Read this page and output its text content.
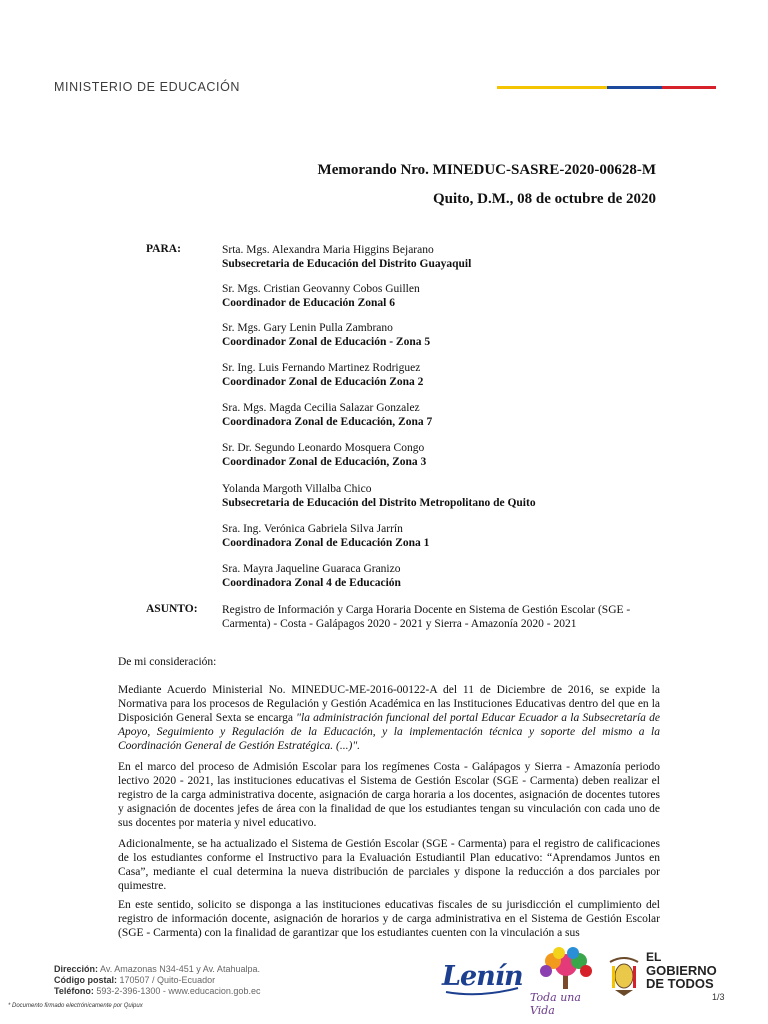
MINISTERIO DE EDUCACIÓN
Memorando Nro. MINEDUC-SASRE-2020-00628-M
Quito, D.M., 08 de octubre de 2020
PARA:	Srta. Mgs. Alexandra Maria Higgins Bejarano
Subsecretaria de Educación del Distrito Guayaquil
Sr. Mgs. Cristian Geovanny Cobos Guillen
Coordinador de Educación Zonal 6
Sr. Mgs. Gary Lenin Pulla Zambrano
Coordinador Zonal de Educación - Zona 5
Sr. Ing. Luis Fernando Martinez Rodriguez
Coordinador Zonal de Educación Zona 2
Sra. Mgs. Magda Cecilia Salazar Gonzalez
Coordinadora Zonal de Educación, Zona 7
Sr. Dr. Segundo Leonardo Mosquera Congo
Coordinador Zonal de Educación, Zona 3
Yolanda Margoth Villalba Chico
Subsecretaria de Educación del Distrito Metropolitano de Quito
Sra. Ing. Verónica Gabriela Silva Jarrín
Coordinadora Zonal de Educación Zona 1
Sra. Mayra Jaqueline Guaraca Granizo
Coordinadora Zonal 4 de Educación
ASUNTO: Registro de Información y Carga Horaria Docente en Sistema de Gestión Escolar (SGE - Carmenta) - Costa - Galápagos 2020 - 2021 y Sierra - Amazonía 2020 - 2021
De mi consideración:
Mediante Acuerdo Ministerial No. MINEDUC-ME-2016-00122-A del 11 de Diciembre de 2016, se expide la Normativa para los procesos de Regulación y Gestión Académica en las Instituciones Educativas dentro del que en la Disposición General Sexta se encarga "la administración funcional del portal Educar Ecuador a la Subsecretaría de Apoyo, Seguimiento y Regulación de la Educación, y la implementación técnica y soporte del mismo a la Coordinación General de Gestión Estratégica. (...)".
En el marco del proceso de Admisión Escolar para los regímenes Costa - Galápagos y Sierra - Amazonía periodo lectivo 2020 - 2021, las instituciones educativas el Sistema de Gestión Escolar (SGE - Carmenta) deben realizar el registro de la carga administrativa docente, asignación de carga horaria a los docentes, asignación de docentes tutores y asignación de docentes jefes de área con la finalidad de que los estudiantes tengan su vinculación con cada uno de sus docentes por materia y nivel educativo.
Adicionalmente, se ha actualizado el Sistema de Gestión Escolar (SGE - Carmenta) para el registro de calificaciones de los estudiantes conforme el Instructivo para la Evaluación Estudiantil Plan educativo: “Aprendamos Juntos en Casa”, mediante el cual determina la nueva distribución de parciales y dispone la reducción a dos parciales por quimestre.
En este sentido, solicito se disponga a las instituciones educativas fiscales de su jurisdicción el cumplimiento del registro de información docente, asignación de horarios y de carga administrativa en el Sistema de Gestión Escolar (SGE - Carmenta) con la finalidad de garantizar que los estudiantes cuenten con la vinculación a sus
Dirección: Av. Amazonas N34-451 y Av. Atahualpa.
Código postal: 170507 / Quito-Ecuador
Teléfono: 593-2-396-1300 - www.educacion.gob.ec
* Documento firmado electrónicamente por Quipux
Lenín
Toda una Vida
EL
GOBIERNO
DE TODOS
1/3
